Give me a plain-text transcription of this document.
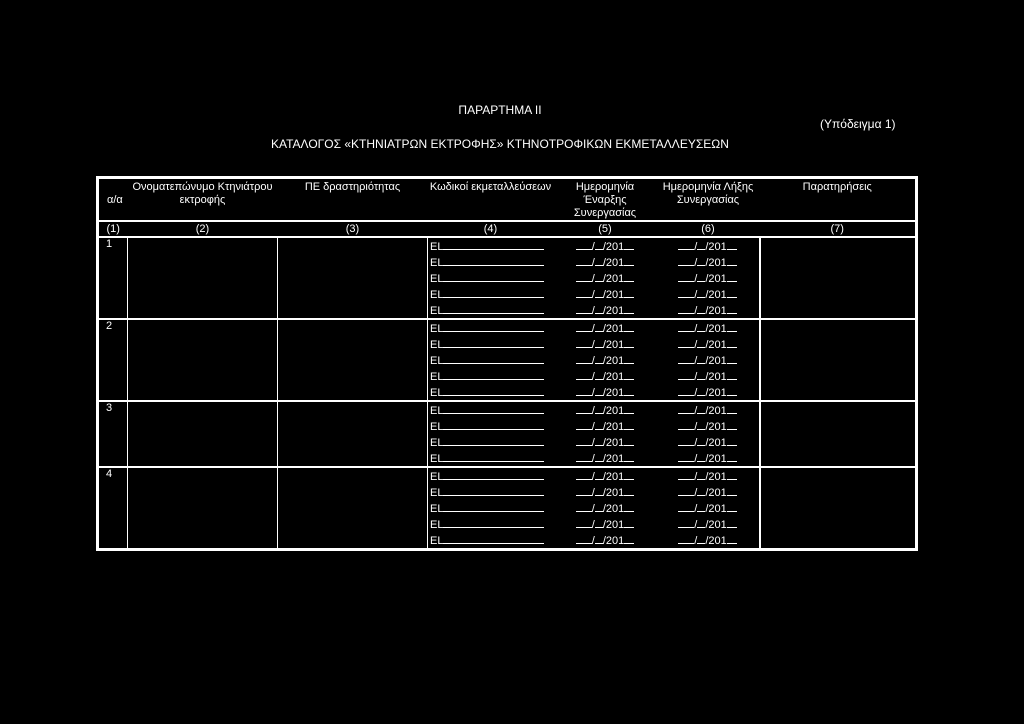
ΠΑΡΑΡΤΗΜΑ ΙΙ
ΚΑΤΑΛΟΓΟΣ «ΚΤΗΝΙΑΤΡΩΝ ΕΚΤΡΟΦΗΣ» ΚΤΗΝΟΤΡΟΦΙΚΩΝ ΕΚΜΕΤΑΛΛΕΥΣΕΩΝ
(Υπόδειγμα 1)
α/α	Ονοματεπώνυμο Κτηνιάτρου εκτροφής	ΠΕ δραστηριότητας	Κωδικοί εκμεταλλεύσεων	Ημερομηνία Έναρξης Συνεργασίας	Ημερομηνία Λήξης Συνεργασίας	Παρατηρήσεις
(1)	(2)	(3)	(4)	(5)	(6)	(7)
1			EL	/ /201	/ /201	
			EL	/ /201	/ /201	
			EL	/ /201	/ /201	
			EL	/ /201	/ /201	
			EL	/ /201	/ /201	
2			EL	/ /201	/ /201	
			EL	/ /201	/ /201	
			EL	/ /201	/ /201	
			EL	/ /201	/ /201	
			EL	/ /201	/ /201	
3			EL	/ /201	/ /201	
			EL	/ /201	/ /201	
			EL	/ /201	/ /201	
			EL	/ /201	/ /201	
4			EL	/ /201	/ /201	
			EL	/ /201	/ /201	
			EL	/ /201	/ /201	
			EL	/ /201	/ /201	
			EL	/ /201	/ /201	
